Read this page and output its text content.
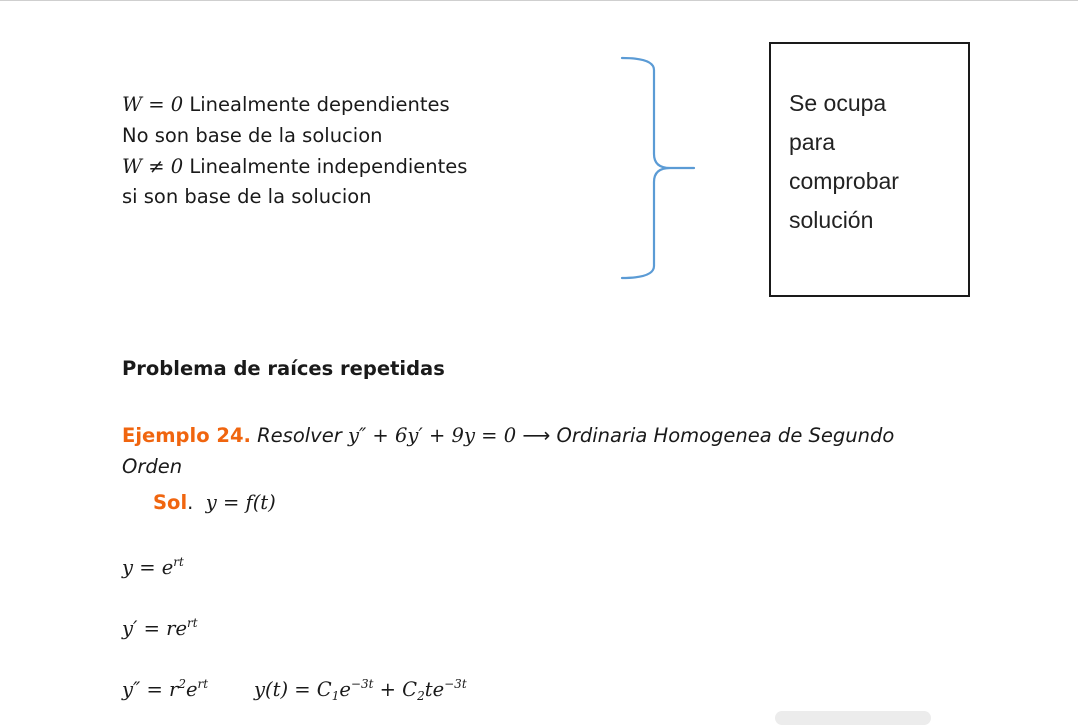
W = 0 Linealmente dependientes
No son base de la solucion
W ≠ 0 Linealmente independientes
si son base de la solucion
Se ocupa
para
comprobar
solución
Problema de raíces repetidas
Ejemplo 24. Resolver y″ + 6y′ + 9y = 0 ⟶ Ordinaria Homogenea de Segundo
Orden
Sol. y = f(t)
$y = e^{rt}$
$y' = re^{rt}$
$y'' = r^2e^{rt}$ $y(t) = C_1e^{-3t} + C_2te^{-3t}$
